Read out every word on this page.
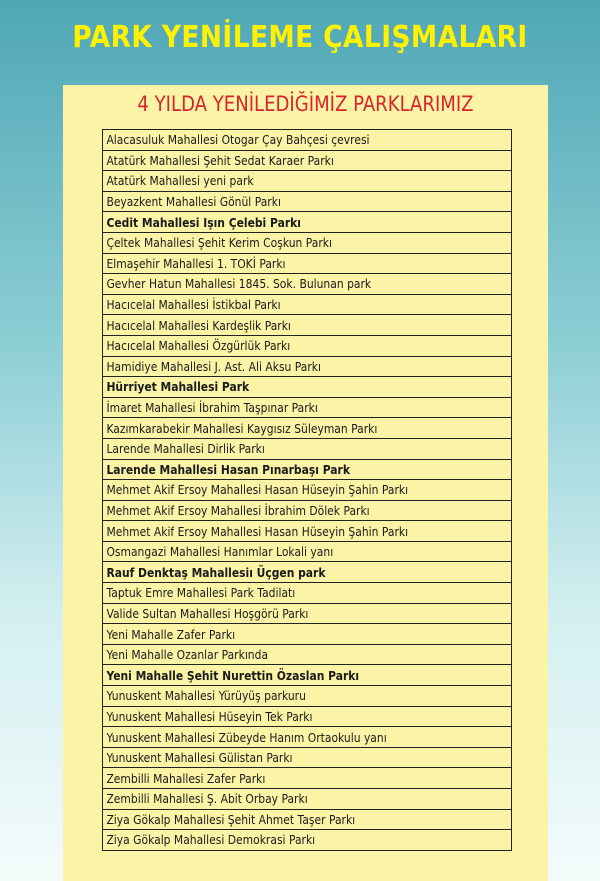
PARK YENİLEME ÇALIŞMALARI
4 YILDA YENİLEDİĞİMİZ PARKLARIMIZ
Alacasuluk Mahallesi Otogar Çay Bahçesi çevresi
Atatürk Mahallesi Şehit Sedat Karaer Parkı
Atatürk Mahallesi yeni park
Beyazkent Mahallesi Gönül Parkı
Cedit Mahallesi Işın Çelebi Parkı
Çeltek Mahallesi Şehit Kerim Coşkun Parkı
Elmaşehir Mahallesi 1. TOKİ Parkı
Gevher Hatun Mahallesi 1845. Sok. Bulunan park
Hacıcelal Mahallesi İstikbal Parkı
Hacıcelal Mahallesi Kardeşlik Parkı
Hacıcelal Mahallesi Özgürlük Parkı
Hamidiye Mahallesi J. Ast. Ali Aksu Parkı
Hürriyet Mahallesi Park
İmaret Mahallesi İbrahim Taşpınar Parkı
Kazımkarabekir Mahallesi Kaygısız Süleyman Parkı
Larende Mahallesi Dirlik Parkı
Larende Mahallesi Hasan Pınarbaşı Park
Mehmet Akif Ersoy Mahallesi Hasan Hüseyin Şahin Parkı
Mehmet Akif Ersoy Mahallesi İbrahim Dölek Parkı
Mehmet Akif Ersoy Mahallesi Hasan Hüseyin Şahin Parkı
Osmangazi Mahallesi Hanımlar Lokali yanı
Rauf Denktaş Mahallesiı Üçgen park
Taptuk Emre Mahallesi Park Tadilatı
Valide Sultan Mahallesi Hoşgörü Parkı
Yeni Mahalle Zafer Parkı
Yeni Mahalle Ozanlar Parkında
Yeni Mahalle Şehit Nurettin Özaslan Parkı
Yunuskent Mahallesi Yürüyüş parkuru
Yunuskent Mahallesi Hüseyin Tek Parkı
Yunuskent Mahallesi Zübeyde Hanım Ortaokulu yanı
Yunuskent Mahallesi Gülistan Parkı
Zembilli Mahallesi Zafer Parkı
Zembilli Mahallesi Ş. Abit Orbay Parkı
Ziya Gökalp Mahallesi Şehit Ahmet Taşer Parkı
Ziya Gökalp Mahallesi Demokrasi Parkı
